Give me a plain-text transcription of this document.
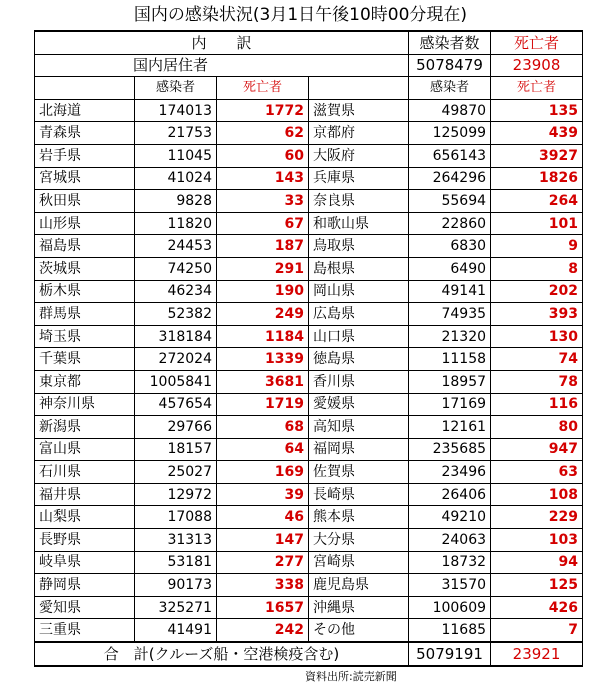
国内の感染状況(3月1日午後10時00分現在)
内　　訳				感染者数	死亡者
国内居住者				5078479	23908
	感染者	死亡者		感染者	死亡者
北海道	174013	1772	滋賀県	49870	135
青森県	21753	62	京都府	125099	439
岩手県	11045	60	大阪府	656143	3927
宮城県	41024	143	兵庫県	264296	1826
秋田県	9828	33	奈良県	55694	264
山形県	11820	67	和歌山県	22860	101
福島県	24453	187	鳥取県	6830	9
茨城県	74250	291	島根県	6490	8
栃木県	46234	190	岡山県	49141	202
群馬県	52382	249	広島県	74935	393
埼玉県	318184	1184	山口県	21320	130
千葉県	272024	1339	徳島県	11158	74
東京都	1005841	3681	香川県	18957	78
神奈川県	457654	1719	愛媛県	17169	116
新潟県	29766	68	高知県	12161	80
富山県	18157	64	福岡県	235685	947
石川県	25027	169	佐賀県	23496	63
福井県	12972	39	長崎県	26406	108
山梨県	17088	46	熊本県	49210	229
長野県	31313	147	大分県	24063	103
岐阜県	53181	277	宮崎県	18732	94
静岡県	90173	338	鹿児島県	31570	125
愛知県	325271	1657	沖縄県	100609	426
三重県	41491	242	その他	11685	7
合　計(クルーズ船・空港検疫含む)				5079191	23921
資料出所:読売新聞
